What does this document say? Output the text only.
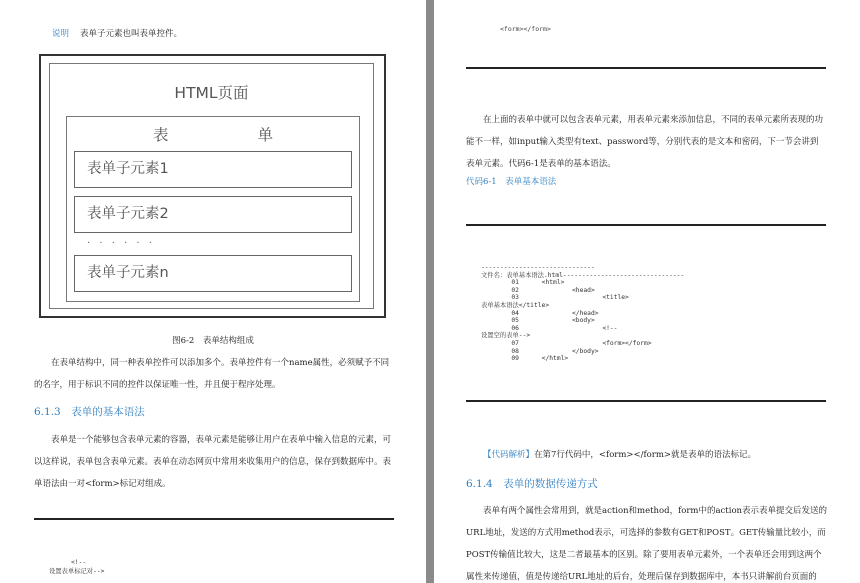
说明 表单子元素也叫表单控件。
HTML页面
表 单
表单子元素1
表单子元素2
· · · · · ·
表单子元素n
图6-2　表单结构组成
在表单结构中，同一种表单控件可以添加多个。表单控件有一个name属性，必须赋予不同的名字，用于标识不同的控件以保证唯一性，并且便于程序处理。
6.1.3　表单的基本语法
表单是一个能够包含表单元素的容器，表单元素是能够让用户在表单中输入信息的元素，可以这样说，表单包含表单元素。表单在动态网页中常用来收集用户的信息，保存到数据库中。表单语法由一对<form>标记对组成。
<!--
设置表单标记对-->
<form></form>
在上面的表单中就可以包含表单元素，用表单元素来添加信息，不同的表单元素所表现的功能不一样，如input输入类型有text、password等，分别代表的是文本和密码，下一节会讲到表单元素。代码6-1是表单的基本语法。
代码6-1　表单基本语法
------------------------------
文件名：表单基本语法.html--------------------------------
01      <html>
02              <head>
03                      <title>
表单基本语法</title>
04              </head>
05              <body>
06                      <!--
设置空的表单-->
07                      <form></form>
08              </body>
09      </html>
【代码解析】在第7行代码中，<form></form>就是表单的语法标记。
6.1.4　表单的数据传递方式
表单有两个属性会常用到，就是action和method，form中的action表示表单提交后发送的URL地址，发送的方式用method表示，可选择的参数有GET和POST。GET传输量比较小，而POST传输值比较大，这是二者最基本的区别。除了要用表单元素外，一个表单还会用到这两个属性来传递值，值是传递给URL地址的后台，处理后保存到数据库中，本书只讲解前台页面的
